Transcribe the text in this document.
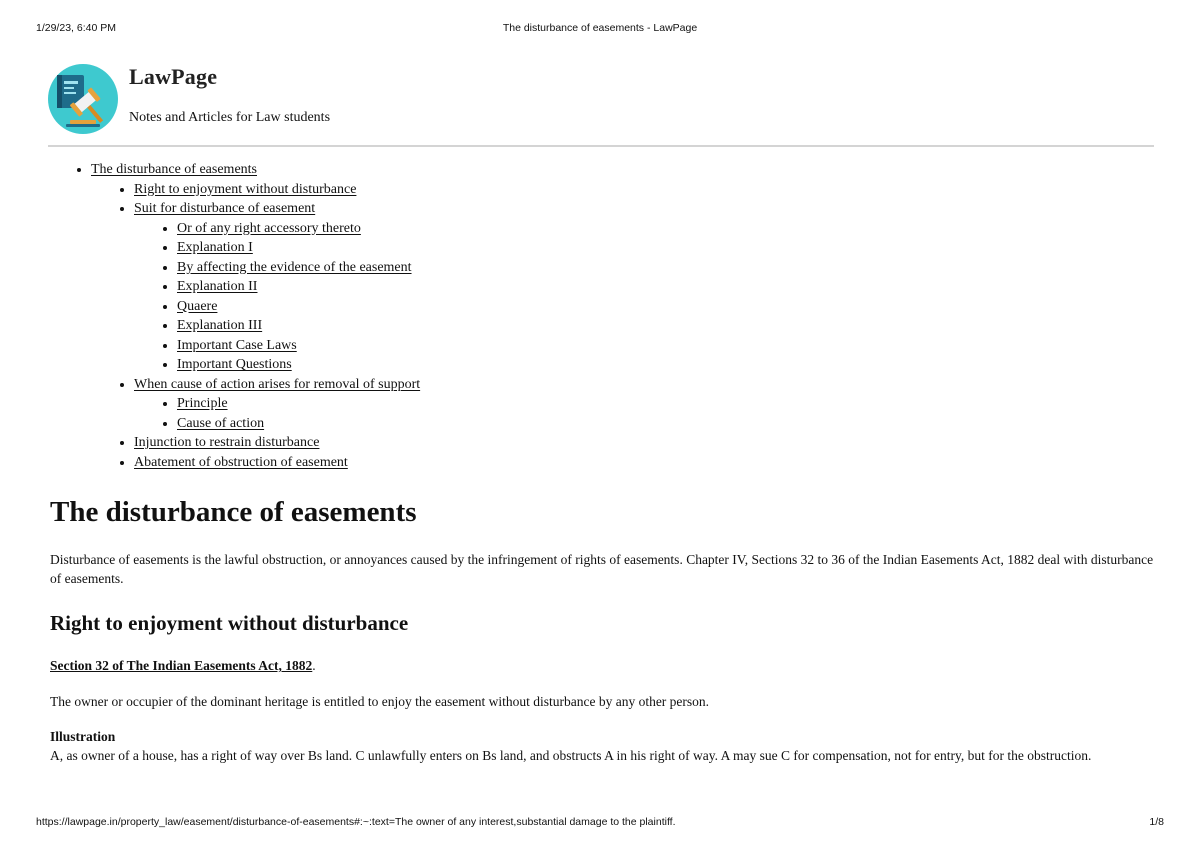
1/29/23, 6:40 PM	The disturbance of easements - LawPage
LawPage
Notes and Articles for Law students
• The disturbance of easements
• Right to enjoyment without disturbance
• Suit for disturbance of easement
• Or of any right accessory thereto
• Explanation I
• By affecting the evidence of the easement
• Explanation II
• Quaere
• Explanation III
• Important Case Laws
• Important Questions
• When cause of action arises for removal of support
• Principle
• Cause of action
• Injunction to restrain disturbance
• Abatement of obstruction of easement
The disturbance of easements

Disturbance of easements is the lawful obstruction, or annoyances caused by the infringement of rights of easements. Chapter IV, Sections 32 to 36 of the Indian Easements Act, 1882 deal with disturbance of easements.

Right to enjoyment without disturbance

Section 32 of The Indian Easements Act, 1882.

The owner or occupier of the dominant heritage is entitled to enjoy the easement without disturbance by any other person.

Illustration

A, as owner of a house, has a right of way over Bs land. C unlawfully enters on Bs land, and obstructs A in his right of way. A may sue C for compensation, not for entry, but for the obstruction.

https://lawpage.in/property_law/easement/disturbance-of-easements#:~:text=The owner of any interest,substantial damage to the plaintiff.	1/8
